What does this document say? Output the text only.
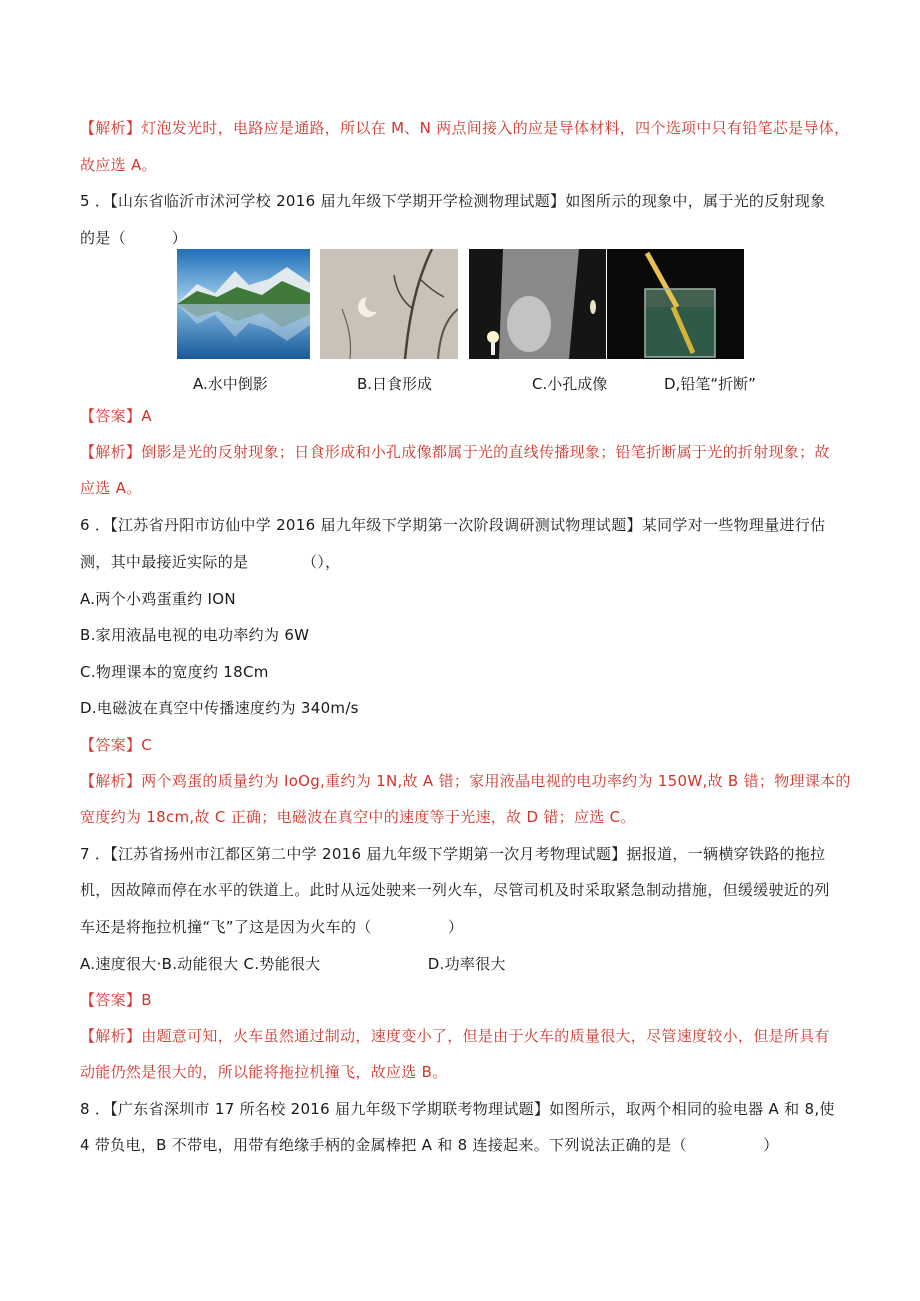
【解析】灯泡发光时，电路应是通路，所以在 M、N 两点间接入的应是导体材料，四个选项中只有铅笔芯是导体，
故应选 A。
5 ．【山东省临沂市沭河学校 2016 届九年级下学期开学检测物理试题】如图所示的现象中，属于光的反射现象
的是（　　　）
A.水中倒影	B.日食形成	C.小孔成像	D,铅笔“折断”
【答案】A
【解析】倒影是光的反射现象；日食形成和小孔成像都属于光的直线传播现象；铅笔折断属于光的折射现象；故
应选 A。
6 ．【江苏省丹阳市访仙中学 2016 届九年级下学期第一次阶段调研测试物理试题】某同学对一些物理量进行估
测，其中最接近实际的是　　　　（），
A.两个小鸡蛋重约 ION
B.家用液晶电视的电功率约为 6W
C.物理课本的宽度约 18Cm
D.电磁波在真空中传播速度约为 340m/s
【答案】C
【解析】两个鸡蛋的质量约为 IoOg,重约为 1N,故 A 错；家用液晶电视的电功率约为 150W,故 B 错；物理课本的
宽度约为 18cm,故 C 正确；电磁波在真空中的速度等于光速，故 D 错；应选 C。
7 ．【江苏省扬州市江都区第二中学 2016 届九年级下学期第一次月考物理试题】据报道，一辆横穿铁路的拖拉
机，因故障而停在水平的铁道上。此时从远处驶来一列火车，尽管司机及时采取紧急制动措施，但缓缓驶近的列
车还是将拖拉机撞“飞”了这是因为火车的（　　　　　）
A.速度很大·B.动能很大 C.势能很大　　　　　　　D.功率很大
【答案】B
【解析】由题意可知，火车虽然通过制动，速度变小了，但是由于火车的质量很大，尽管速度较小，但是所具有
动能仍然是很大的，所以能将拖拉机撞飞，故应选 B。
8 ．【广东省深圳市 17 所名校 2016 届九年级下学期联考物理试题】如图所示，取两个相同的验电器 A 和 8,使
4 带负电，B 不带电，用带有绝缘手柄的金属棒把 A 和 8 连接起来。下列说法正确的是（　　　　　）
